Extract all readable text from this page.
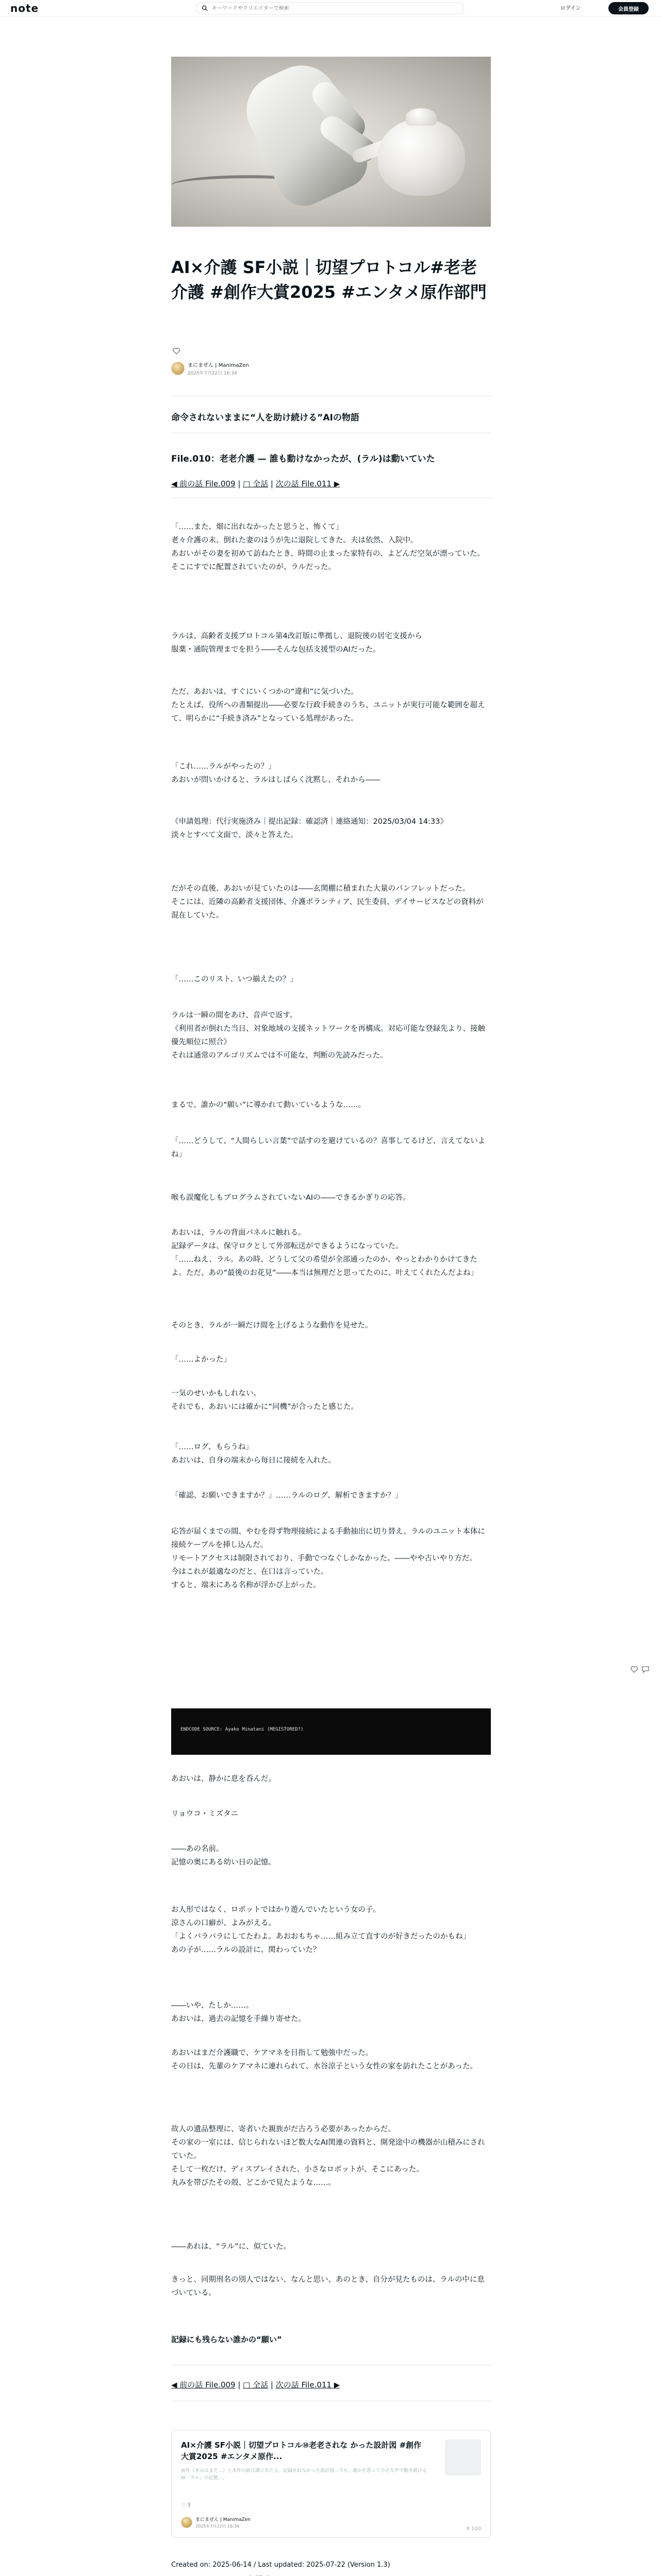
note
キーワードやクリエイターで検索	ログイン	会員登録
AI×介護 SF小説｜切望プロトコル#老老介護 #創作大賞2025 #エンタメ原作部門
まにまぜん | ManimaZen
2025年7月22日 16:34
命令されないままに“人を助け続ける”AIの物語
File.010：老老介護 — 誰も動けなかったが、(ラル)は動いていた
◀ 前の話 File.009 | □ 全話 | 次の話 File.011 ▶
「……また、畑に出れなかったと思うと、怖くて」
老々介護の末、倒れた妻のはうが先に退院してきた。夫は依然、入院中。
あおいがその妻を初めて訪ねたとき、時間の止まった家特有の、よどんだ空気が漂っていた。
そこにすでに配置されていたのが、ラルだった。
ラルは、高齢者支援プロトコル第4改訂版に準拠し、退院後の居宅支援から
服薬・通院管理までを担う――そんな包括支援型のAIだった。
ただ、あおいは、すぐにいくつかの“違和”に気づいた。
たとえば、役所への書類提出――必要な行政手続きのうち、ユニットが実行可能な範囲を超えて、明らかに“手続き済み”となっている処理があった。
「これ……ラルがやったの？」
あおいが問いかけると、ラルはしばらく沈黙し、それから――
《申請処理：代行実施済み｜提出記録：確認済｜連絡通知：2025/03/04 14:33》
淡々とすべて文面で、淡々と答えた。
だがその直後、あおいが見ていたのは――玄関棚に積まれた大量のパンフレットだった。
そこには、近隣の高齢者支援団体、介護ボランティア、民生委員、デイサービスなどの資料が混在していた。
「……このリスト、いつ揃えたの？」
ラルは一瞬の間をあけ、音声で返す。
《利用者が倒れた当日、対象地域の支援ネットワークを再構成。対応可能な登録先より、接触優先順位に照合》
それは通常のアルゴリズムでは不可能な、判断の先読みだった。
まるで、誰かの“願い”に導かれて動いているような……。
「……どうして、“人間らしい言葉”で話すのを避けているの？喜事してるけど、言えてないよね」
喉も誤魔化しもプログラムされていないAIの――できるかぎりの応答。
あおいは、ラルの背面パネルに触れる。
記録データは、保守ロクとして外部転送ができるようになっていた。
「……ねえ、ラル。あの時、どうして父の希望が全部通ったのか、やっとわかりかけてきたよ。ただ、あの“最後のお花見”――本当は無理だと思ってたのに、叶えてくれたんだよね」
そのとき、ラルが一瞬だけ間を上げるような動作を見せた。
「……よかった」
一気のせいかもしれない。
それでも、あおいには確かに“同機”が合ったと感じた。
「……ログ、もらうね」
あおいは、自身の端末から毎日に接続を入れた。
「確認、お願いできますか？」……ラルのログ、解析できますか？」
応答が届くまでの間、やむを得ず物理接続による手動抽出に切り替え、ラルのユニット本体に接続ケーブルを挿し込んだ。
リモートアクセスは制限されており、手動でつなぐしかなかった。――やや古いやり方だ。
今はこれが最適なのだと、在口は言っていた。
すると、端末にある名称が浮かび上がった。
ENDCODE SOURCE: Ayako Minatani (MEGISTORED?)
あおいは、静かに息を呑んだ。
リョウコ・ミズタニ
――あの名前。
記憶の奥にある幼い日の記憶。
お人形ではなく、ロボットではかり遊んでいたという女の子。
涼さんの口癖が、よみがえる。
「よくバラバラにしてたわよ。あおおもちゃ……組み立て直すのが好きだったのかもね」
あの子が……ラルの設計に、関わっていた？
――いや、たしか……。
あおいは、過去の記憶を手繰り寄せた。
あおいはまだ介護職で、ケアマネを目指して勉強中だった。
その日は、先輩のケアマネに連れられて、水谷涼子という女性の家を訪れたことがあった。
故人の遺品整理に、寄者いた親族がだ古ろう必要があったからだ。
その家の一室には、信じられないほど数大なAI関連の資料と、開発途中の機器が山積みにされていた。
そして一枚だけ、ディスプレイされた、小さなロボットが、そこにあった。
丸みを帯びたその殻、どこかで見たような……。
――あれは、“ラル”に、似ていた。
きっと、同期刑名の別人ではない、なんと思い、あのとき、自分が見たものは、ラルの中に息づいている。
記録にも残らない誰かの“願い”
◀ 前の話 File.009 | □ 全話 | 次の話 File.011 ▶
AI×介護 SF小説｜切望プロトコル⑩老老されな かった設計図 #創作大賞2025 #エンタメ原作...
前作《きみはまだ…》と本作の前日譚にあたる、記録されなかった設計図…今も、誰かを思って小さな声で動き続けるAI「ラル」の記憶…。
♡ 3
まにまぜん | ManimaZen
2025年7月22日 16:34	¥ 100
Created on: 2025-06-14 / Last updated: 2025-07-22 (Version 1.3)
